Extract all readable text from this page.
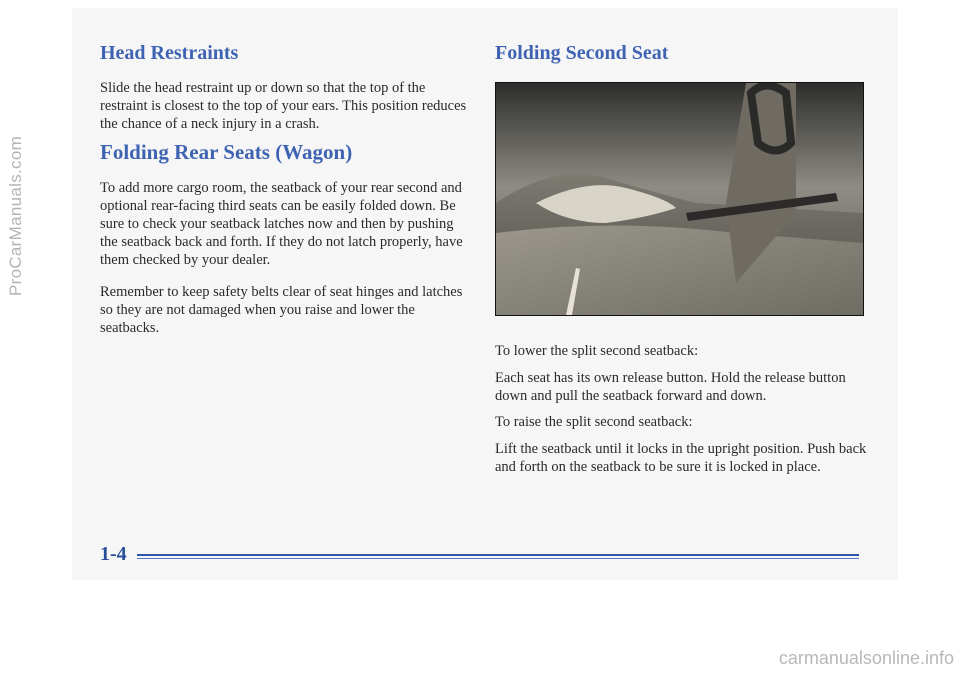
Head Restraints

Slide the head restraint up or down so that the top of the restraint is closest to the top of your ears. This position reduces the chance of a neck injury in a crash.

Folding Rear Seats (Wagon)

To add more cargo room, the seatback of your rear second and optional rear-facing third seats can be easily folded down. Be sure to check your seatback latches now and then by pushing the seatback back and forth. If they do not latch properly, have them checked by your dealer.

Remember to keep safety belts clear of seat hinges and latches so they are not damaged when you raise and lower the seatbacks.

Folding Second Seat

To lower the split second seatback:

Each seat has its own release button. Hold the release button down and pull the seatback forward and down.

To raise the split second seatback:

Lift the seatback until it locks in the upright position. Push back and forth on the seatback to be sure it is locked in place.

1-4
ProCarManuals.com
carmanualsonline.info
